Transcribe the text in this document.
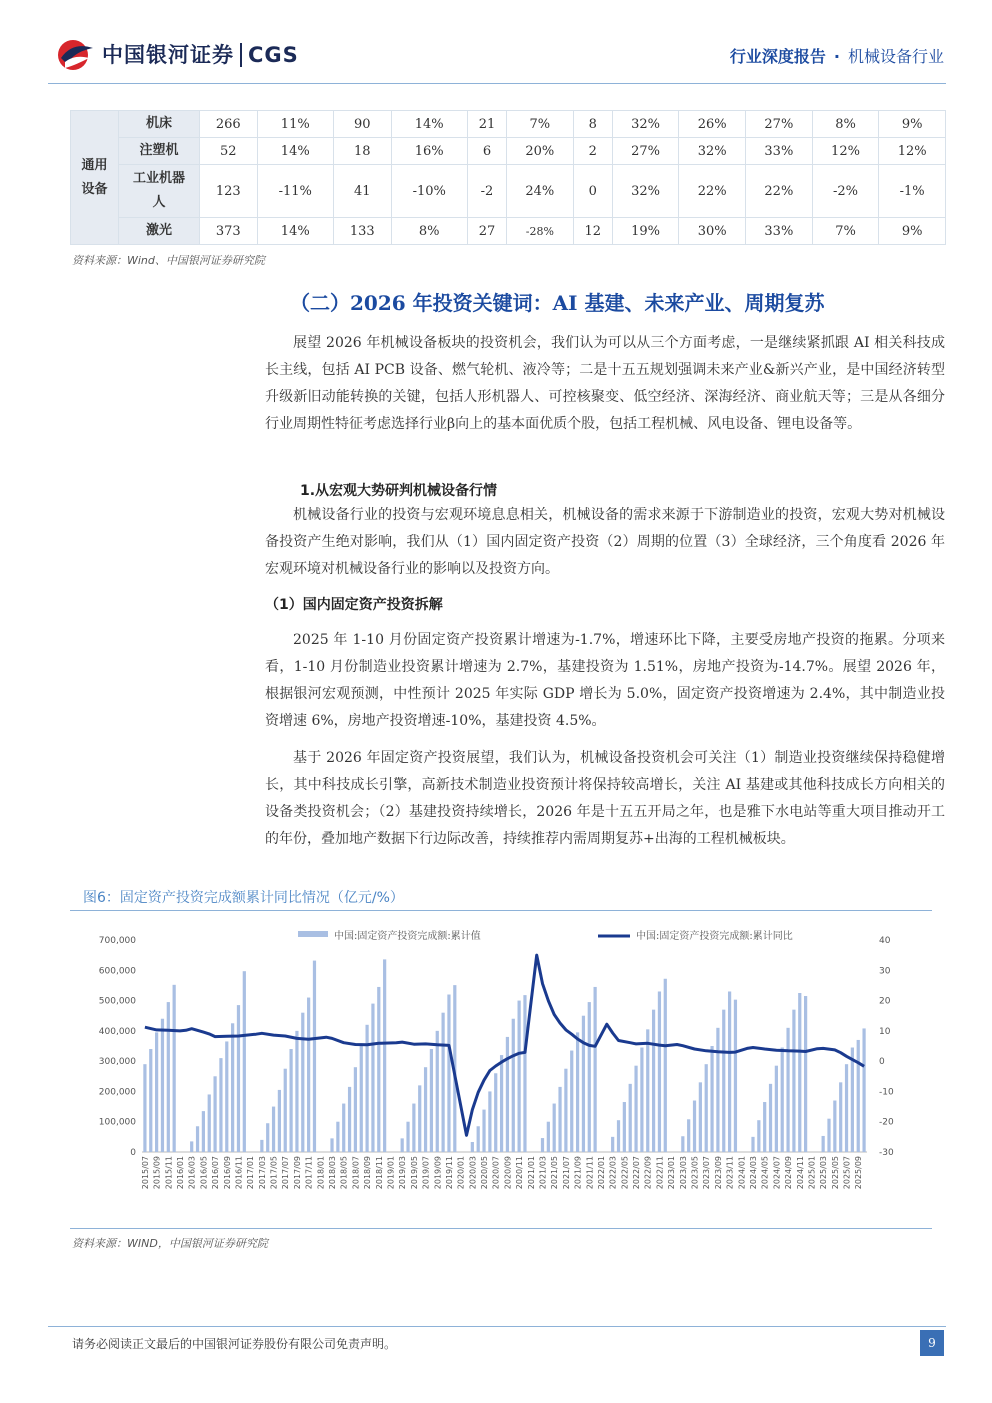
中国银河证券 CGS	行业深度报告 · 机械设备行业
通用
设备	机床	266	11%	90	14%	21	7%	8	32%	26%	27%	8%	9%
	注塑机	52	14%	18	16%	6	20%	2	27%	32%	33%	12%	12%

	工业机器
人	123	-11%	41	-10%	-2	24%	0	32%	22%	22%	-2%	-1%
	激光	373	14%	133	8%	27	-28%	12	19%	30%	33%	7%	9%
资料来源：Wind、中国银河证券研究院
（二）2026 年投资关键词：AI 基建、未来产业、周期复苏
展望 2026 年机械设备板块的投资机会，我们认为可以从三个方面考虑，一是继续紧抓跟 AI 相关科技成长主线，包括 AI PCB 设备、燃气轮机、液冷等；二是十五五规划强调未来产业&新兴产业，是中国经济转型升级新旧动能转换的关键，包括人形机器人、可控核聚变、低空经济、深海经济、商业航天等；三是从各细分行业周期性特征考虑选择行业β向上的基本面优质个股，包括工程机械、风电设备、锂电设备等。
1.从宏观大势研判机械设备行情
机械设备行业的投资与宏观环境息息相关，机械设备的需求来源于下游制造业的投资，宏观大势对机械设备投资产生绝对影响，我们从（1）国内固定资产投资（2）周期的位置（3）全球经济，三个角度看 2026 年宏观环境对机械设备行业的影响以及投资方向。
（1）国内固定资产投资拆解
2025 年 1-10 月份固定资产投资累计增速为-1.7%，增速环比下降，主要受房地产投资的拖累。分项来看，1-10 月份制造业投资累计增速为 2.7%，基建投资为 1.51%，房地产投资为-14.7%。展望 2026 年，根据银河宏观预测，中性预计 2025 年实际 GDP 增长为 5.0%，固定资产投资增速为 2.4%，其中制造业投资增速 6%，房地产投资增速-10%，基建投资 4.5%。
基于 2026 年固定资产投资展望，我们认为，机械设备投资机会可关注（1）制造业投资继续保持稳健增长，其中科技成长引擎，高新技术制造业投资预计将保持较高增长，关注 AI 基建或其他科技成长方向相关的设备类投资机会；（2）基建投资持续增长，2026 年是十五五开局之年，也是雅下水电站等重大项目推动开工的年份，叠加地产数据下行边际改善，持续推荐内需周期复苏+出海的工程机械板块。
图6：固定资产投资完成额累计同比情况（亿元/%）
0
100,000
200,000
300,000
400,000
500,000
600,000
700,000
-30
-20
-10
0
10
20
30
40
2015/07 2015/09 2015/11 2016/01 2016/03 2016/05 2016/07 2016/09 2016/11 2017/01 2017/03 2017/05 2017/07 2017/09 2017/11 2018/01 2018/03 2018/05 2018/07 2018/09 2018/11 2019/01 2019/03 2019/05 2019/07 2019/09 2019/11 2020/01 2020/03 2020/05 2020/07 2020/09 2020/11 2021/01 2021/03 2021/05 2021/07 2021/09 2021/11 2022/01 2022/03 2022/05 2022/07 2022/09 2022/11 2023/01 2023/03 2023/05 2023/07 2023/09 2023/11 2024/01 2024/03 2024/05 2024/07 2024/09 2024/11 2025/01 2025/03 2025/05 2025/07 2025/09
中国:固定资产投资完成额:累计值	中国:固定资产投资完成额:累计同比
资料来源：WIND，中国银河证券研究院
请务必阅读正文最后的中国银河证券股份有限公司免责声明。	9
